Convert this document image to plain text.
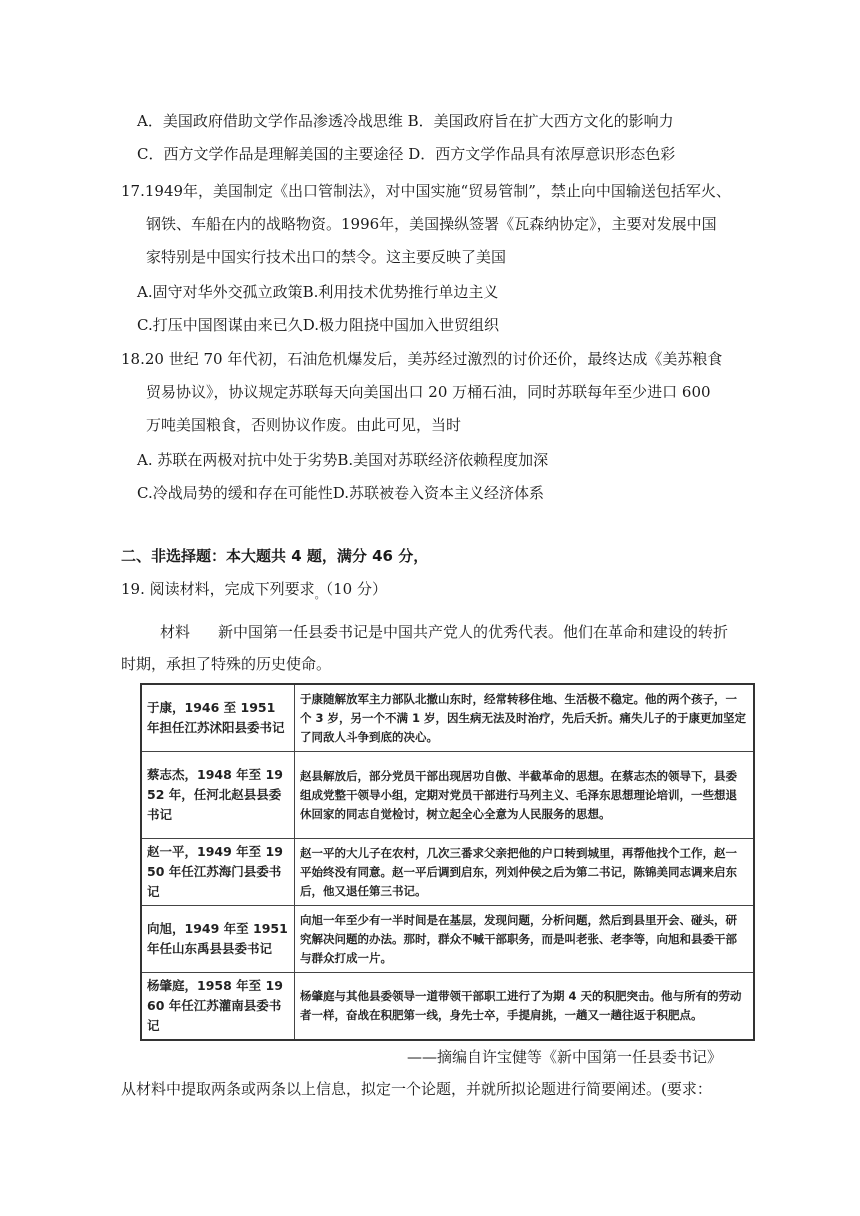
A．美国政府借助文学作品渗透冷战思维 B．美国政府旨在扩大西方文化的影响力
C．西方文学作品是理解美国的主要途径 D．西方文学作品具有浓厚意识形态色彩
17.1949年，美国制定《出口管制法》，对中国实施“贸易管制”，禁止向中国输送包括军火、
钢铁、车船在内的战略物资。1996年，美国操纵签署《瓦森纳协定》，主要对发展中国
家特别是中国实行技术出口的禁令。这主要反映了美国
A.固守对华外交孤立政策B.利用技术优势推行单边主义
C.打压中国图谋由来已久D.极力阻挠中国加入世贸组织
18.20 世纪 70 年代初，石油危机爆发后，美苏经过激烈的讨价还价，最终达成《美苏粮食
贸易协议》，协议规定苏联每天向美国出口 20 万桶石油，同时苏联每年至少进口 600
万吨美国粮食，否则协议作废。由此可见，当时
A. 苏联在两极对抗中处于劣势B.美国对苏联经济依赖程度加深
C.冷战局势的缓和存在可能性D.苏联被卷入资本主义经济体系
二、非选择题：本大题共 4 题，满分 46 分，
19. 阅读材料，完成下列要求$_。$（10 分）
材料 新中国第一任县委书记是中国共产党人的优秀代表。他们在革命和建设的转折
时期，承担了特殊的历史使命。
于康，1946 至 1951 年担任江苏沭阳县委书记	于康随解放军主力部队北撤山东时，经常转移住地、生活极不稳定。他的两个孩子，一个 3 岁，另一个不满 1 岁，因生病无法及时治疗，先后夭折。痛失儿子的于康更加坚定了同敌人斗争到底的决心。
蔡志杰，1948 年至 1952 年，任河北赵县县委书记	赵县解放后，部分党员干部出现居功自傲、半截革命的思想。在蔡志杰的领导下，县委组成党整干领导小组，定期对党员干部进行马列主义、毛泽东思想理论培训，一些想退休回家的同志自觉检讨，树立起全心全意为人民服务的思想。
赵一平，1949 年至 1950 年任江苏海门县委书记	赵一平的大儿子在农村，几次三番求父亲把他的户口转到城里，再帮他找个工作，赵一平始终没有同意。赵一平后调到启东，列刘仲侯之后为第二书记，陈锦美同志调来启东后，他又退任第三书记。
向旭，1949 年至 1951 年任山东禹县县委书记	向旭一年至少有一半时间是在基层，发现问题，分析问题，然后到县里开会、碰头，研究解决问题的办法。那时，群众不喊干部职务，而是叫老张、老李等，向旭和县委干部与群众打成一片。
杨肇庭，1958 年至 1960 年任江苏灌南县委书记	杨肇庭与其他县委领导一道带领干部职工进行了为期 4 天的积肥突击。他与所有的劳动者一样，奋战在积肥第一线，身先士卒，手提肩挑，一趟又一趟往返于积肥点。
——摘编自许宝健等《新中国第一任县委书记》
从材料中提取两条或两条以上信息，拟定一个论题，并就所拟论题进行简要阐述。(要求：
